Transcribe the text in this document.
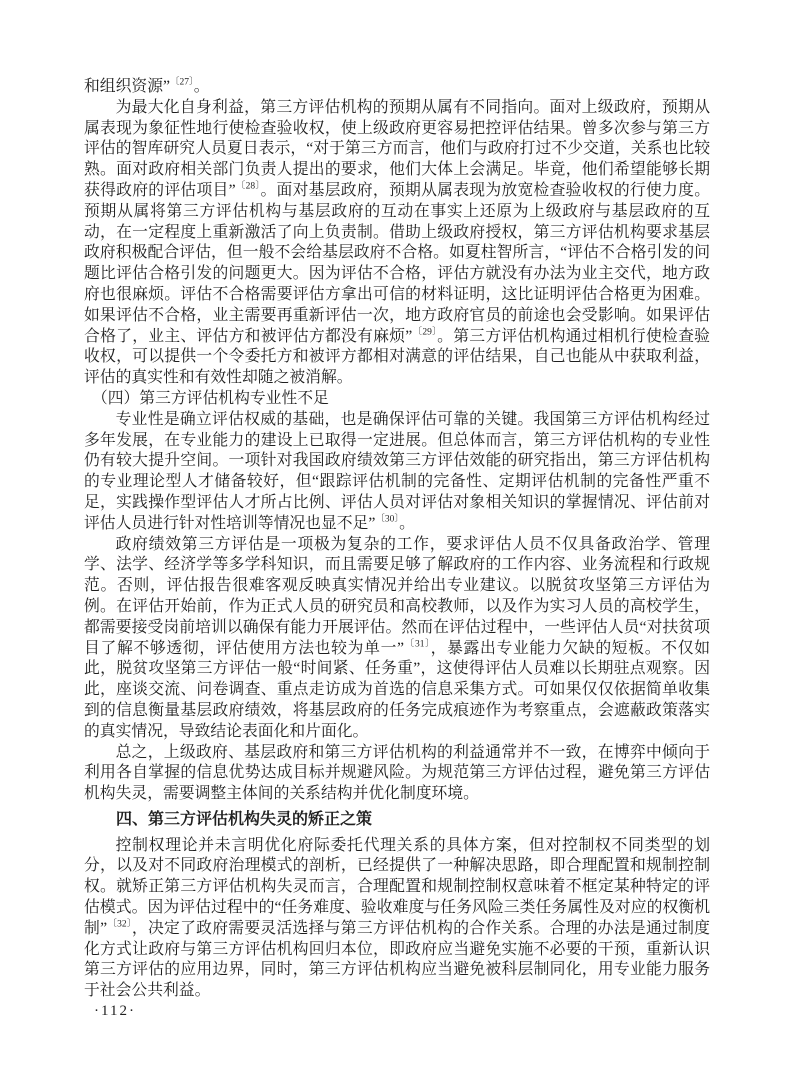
和组织资源”$^{〔27〕}$。

为最大化自身利益，第三方评估机构的预期从属有不同指向。面对上级政府，预期从属表现为象征性地行使检查验收权，使上级政府更容易把控评估结果。曾多次参与第三方评估的智库研究人员夏日表示，“对于第三方而言，他们与政府打过不少交道，关系也比较熟。面对政府相关部门负责人提出的要求，他们大体上会满足。毕竟，他们希望能够长期获得政府的评估项目”$^{〔28〕}$。面对基层政府，预期从属表现为放宽检查验收权的行使力度。预期从属将第三方评估机构与基层政府的互动在事实上还原为上级政府与基层政府的互动，在一定程度上重新激活了向上负责制。借助上级政府授权，第三方评估机构要求基层政府积极配合评估，但一般不会给基层政府不合格。如夏柱智所言，“评估不合格引发的问题比评估合格引发的问题更大。因为评估不合格，评估方就没有办法为业主交代，地方政府也很麻烦。评估不合格需要评估方拿出可信的材料证明，这比证明评估合格更为困难。如果评估不合格，业主需要再重新评估一次，地方政府官员的前途也会受影响。如果评估合格了，业主、评估方和被评估方都没有麻烦”$^{〔29〕}$。第三方评估机构通过相机行使检查验收权，可以提供一个令委托方和被评方都相对满意的评估结果，自己也能从中获取利益，评估的真实性和有效性却随之被消解。

（四）第三方评估机构专业性不足

专业性是确立评估权威的基础，也是确保评估可靠的关键。我国第三方评估机构经过多年发展，在专业能力的建设上已取得一定进展。但总体而言，第三方评估机构的专业性仍有较大提升空间。一项针对我国政府绩效第三方评估效能的研究指出，第三方评估机构的专业理论型人才储备较好，但“跟踪评估机制的完备性、定期评估机制的完备性严重不足，实践操作型评估人才所占比例、评估人员对评估对象相关知识的掌握情况、评估前对评估人员进行针对性培训等情况也显不足”$^{〔30〕}$。

政府绩效第三方评估是一项极为复杂的工作，要求评估人员不仅具备政治学、管理学、法学、经济学等多学科知识，而且需要足够了解政府的工作内容、业务流程和行政规范。否则，评估报告很难客观反映真实情况并给出专业建议。以脱贫攻坚第三方评估为例。在评估开始前，作为正式人员的研究员和高校教师，以及作为实习人员的高校学生，都需要接受岗前培训以确保有能力开展评估。然而在评估过程中，一些评估人员“对扶贫项目了解不够透彻，评估使用方法也较为单一”$^{〔31〕}$，暴露出专业能力欠缺的短板。不仅如此，脱贫攻坚第三方评估一般“时间紧、任务重”，这使得评估人员难以长期驻点观察。因此，座谈交流、问卷调查、重点走访成为首选的信息采集方式。可如果仅仅依据简单收集到的信息衡量基层政府绩效，将基层政府的任务完成痕迹作为考察重点，会遮蔽政策落实的真实情况，导致结论表面化和片面化。

总之，上级政府、基层政府和第三方评估机构的利益通常并不一致，在博弈中倾向于利用各自掌握的信息优势达成目标并规避风险。为规范第三方评估过程，避免第三方评估机构失灵，需要调整主体间的关系结构并优化制度环境。

四、第三方评估机构失灵的矫正之策

控制权理论并未言明优化府际委托代理关系的具体方案，但对控制权不同类型的划分，以及对不同政府治理模式的剖析，已经提供了一种解决思路，即合理配置和规制控制权。就矫正第三方评估机构失灵而言，合理配置和规制控制权意味着不框定某种特定的评估模式。因为评估过程中的“任务难度、验收难度与任务风险三类任务属性及对应的权衡机制”$^{〔32〕}$，决定了政府需要灵活选择与第三方评估机构的合作关系。合理的办法是通过制度化方式让政府与第三方评估机构回归本位，即政府应当避免实施不必要的干预，重新认识第三方评估的应用边界，同时，第三方评估机构应当避免被科层制同化，用专业能力服务于社会公共利益。

·112·
